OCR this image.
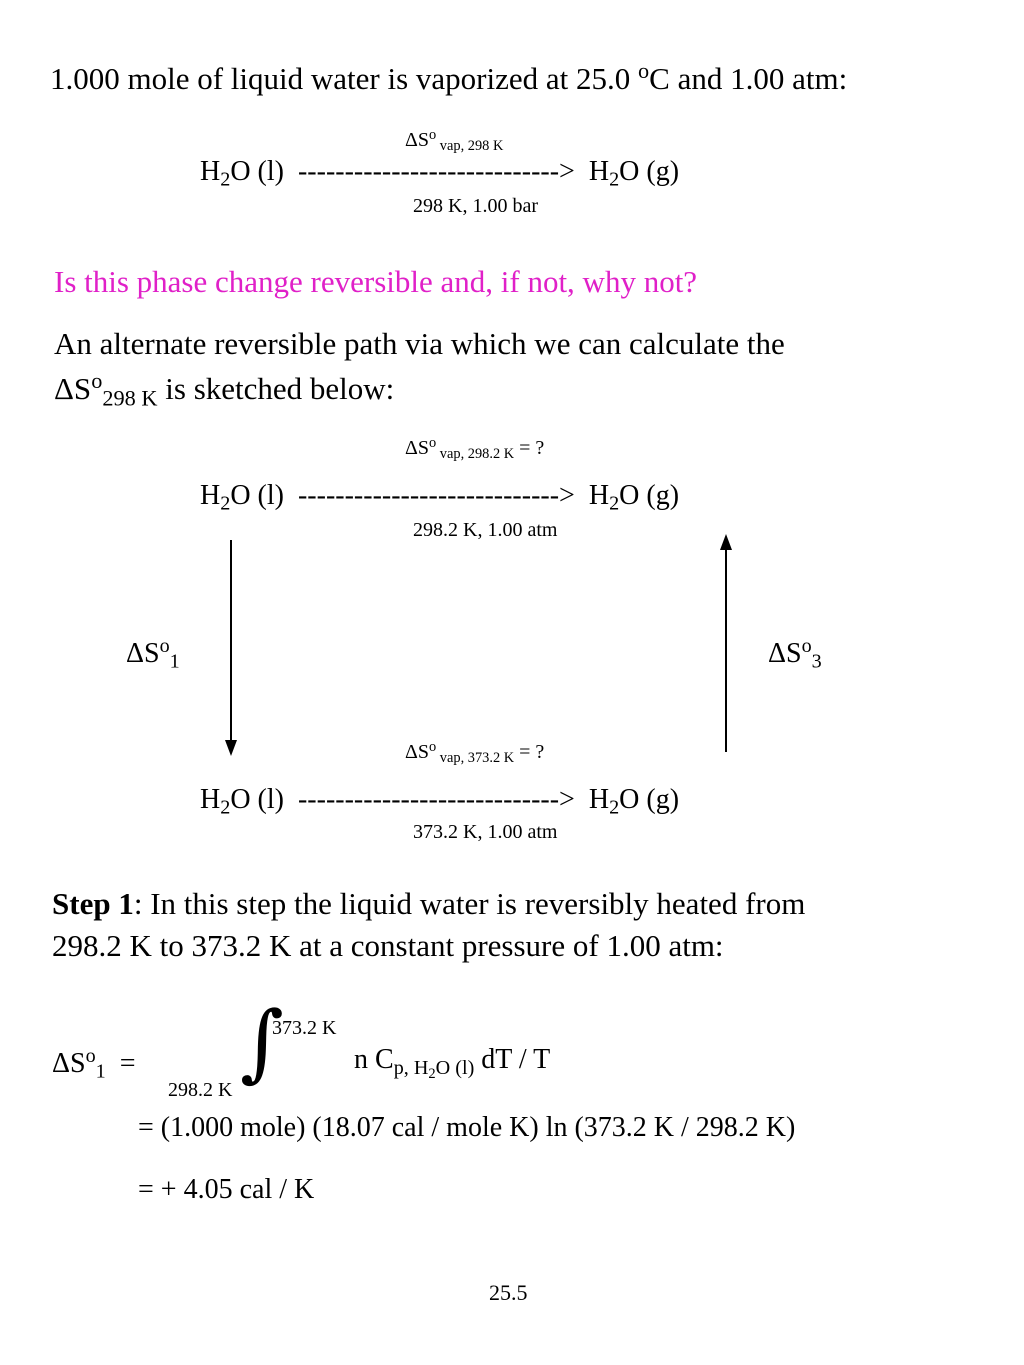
1.000 mole of liquid water is vaporized at 25.0 $^o$C and 1.00 atm:
$\Delta S^o$ $_{vap, 298 K}$
$H_2O$ (l) ----------------------------> $H_2O$ (g)
298 K, 1.00 bar
Is this phase change reversible and, if not, why not?
An alternate reversible path via which we can calculate the
$\Delta S^o_{298 K}$ is sketched below:
$\Delta S^o$ $_{vap, 298.2 K}$ = ?
$H_2O$ (l) ----------------------------> $H_2O$ (g)
298.2 K, 1.00 atm
$\Delta S^o_1$	$\Delta S^o_3$
$\Delta S^o$ $_{vap, 373.2 K}$ = ?
$H_2O$ (l) ----------------------------> $H_2O$ (g)
373.2 K, 1.00 atm
Step 1: In this step the liquid water is reversibly heated from
298.2 K to 373.2 K at a constant pressure of 1.00 atm:
$\Delta S^o_1$ = ∫
373.2 K
298.2 K
n $C_{p, H_2O (l)}$ dT / T
= (1.000 mole) (18.07 cal / mole K) ln (373.2 K / 298.2 K)
= + 4.05 cal / K
25.5
